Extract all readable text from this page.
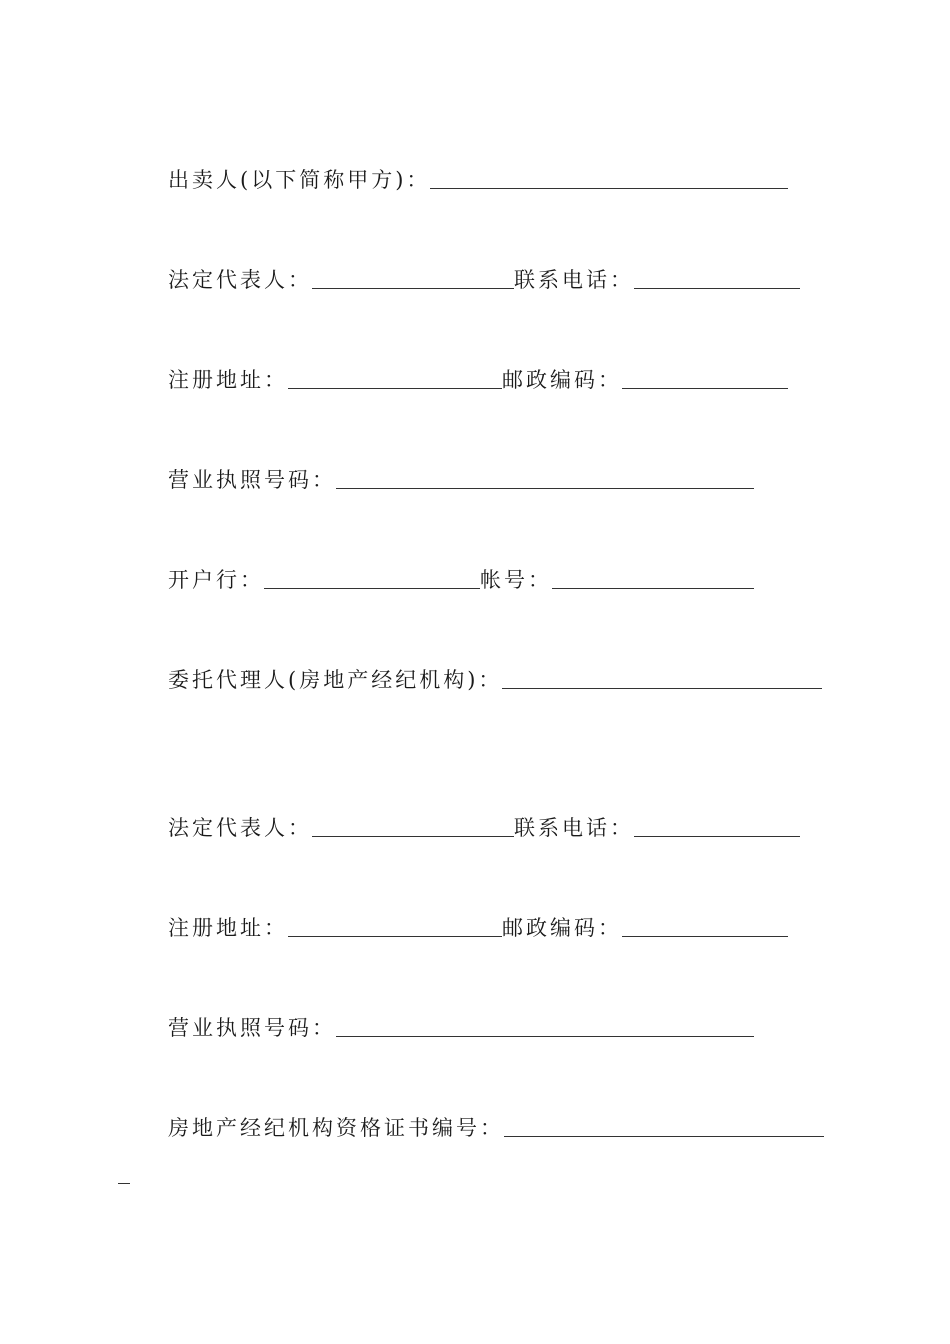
出卖人(以下简称甲方)：
法定代表人：	联系电话：
注册地址：	邮政编码：
营业执照号码：
开户行：	帐号：
委托代理人(房地产经纪机构)：
法定代表人：	联系电话：
注册地址：	邮政编码：
营业执照号码：
房地产经纪机构资格证书编号：
